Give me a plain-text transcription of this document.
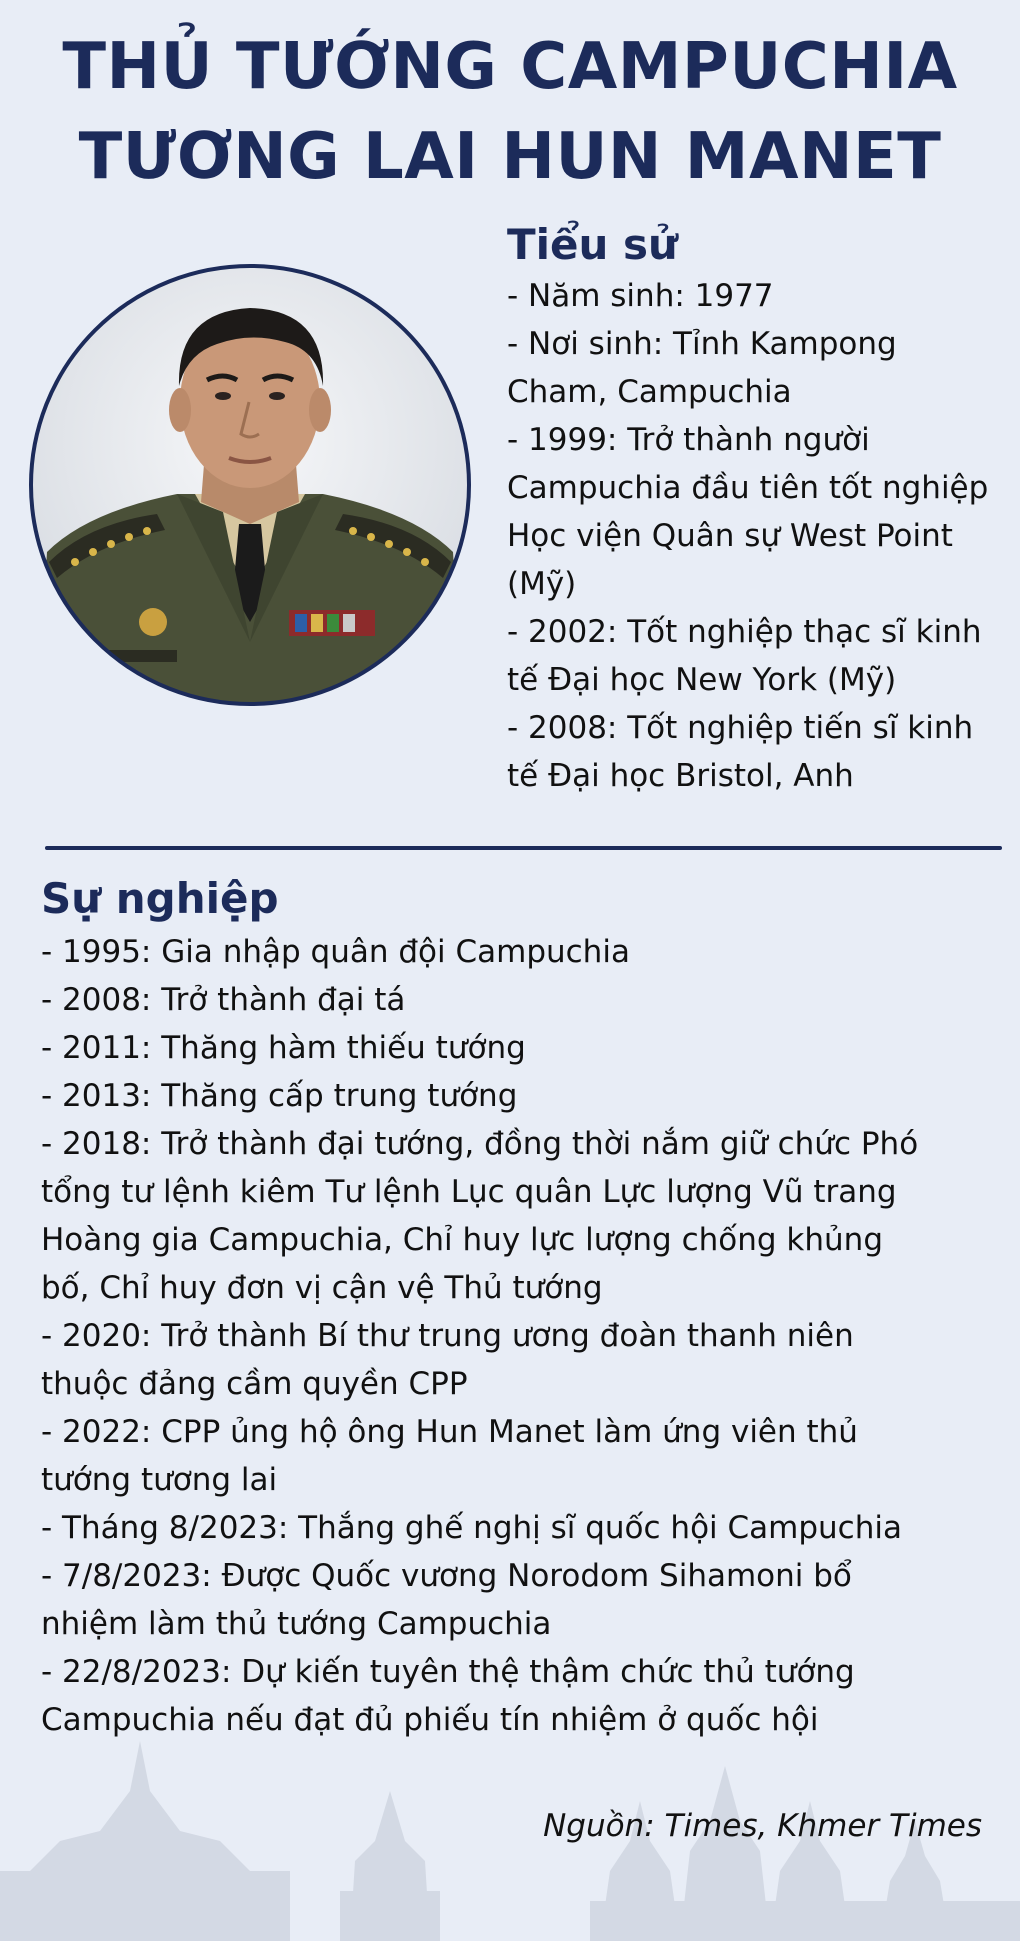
THỦ TƯỚNG CAMPUCHIA
TƯƠNG LAI HUN MANET
Tiểu sử
- Năm sinh: 1977
- Nơi sinh: Tỉnh Kampong
Cham, Campuchia
- 1999: Trở thành người
Campuchia đầu tiên tốt nghiệp
Học viện Quân sự West Point
(Mỹ)
- 2002: Tốt nghiệp thạc sĩ kinh
tế Đại học New York (Mỹ)
- 2008: Tốt nghiệp tiến sĩ kinh
tế Đại học Bristol, Anh
Sự nghiệp
- 1995: Gia nhập quân đội Campuchia
- 2008: Trở thành đại tá
- 2011: Thăng hàm thiếu tướng
- 2013: Thăng cấp trung tướng
- 2018: Trở thành đại tướng, đồng thời nắm giữ chức Phó
tổng tư lệnh kiêm Tư lệnh Lục quân Lực lượng Vũ trang
Hoàng gia Campuchia, Chỉ huy lực lượng chống khủng
bố, Chỉ huy đơn vị cận vệ Thủ tướng
- 2020: Trở thành Bí thư trung ương đoàn thanh niên
thuộc đảng cầm quyền CPP
- 2022: CPP ủng hộ ông Hun Manet làm ứng viên thủ
tướng tương lai
- Tháng 8/2023: Thắng ghế nghị sĩ quốc hội Campuchia
- 7/8/2023: Được Quốc vương Norodom Sihamoni bổ
nhiệm làm thủ tướng Campuchia
- 22/8/2023: Dự kiến tuyên thệ thậm chức thủ tướng
Campuchia nếu đạt đủ phiếu tín nhiệm ở quốc hội
Nguồn: Times, Khmer Times
